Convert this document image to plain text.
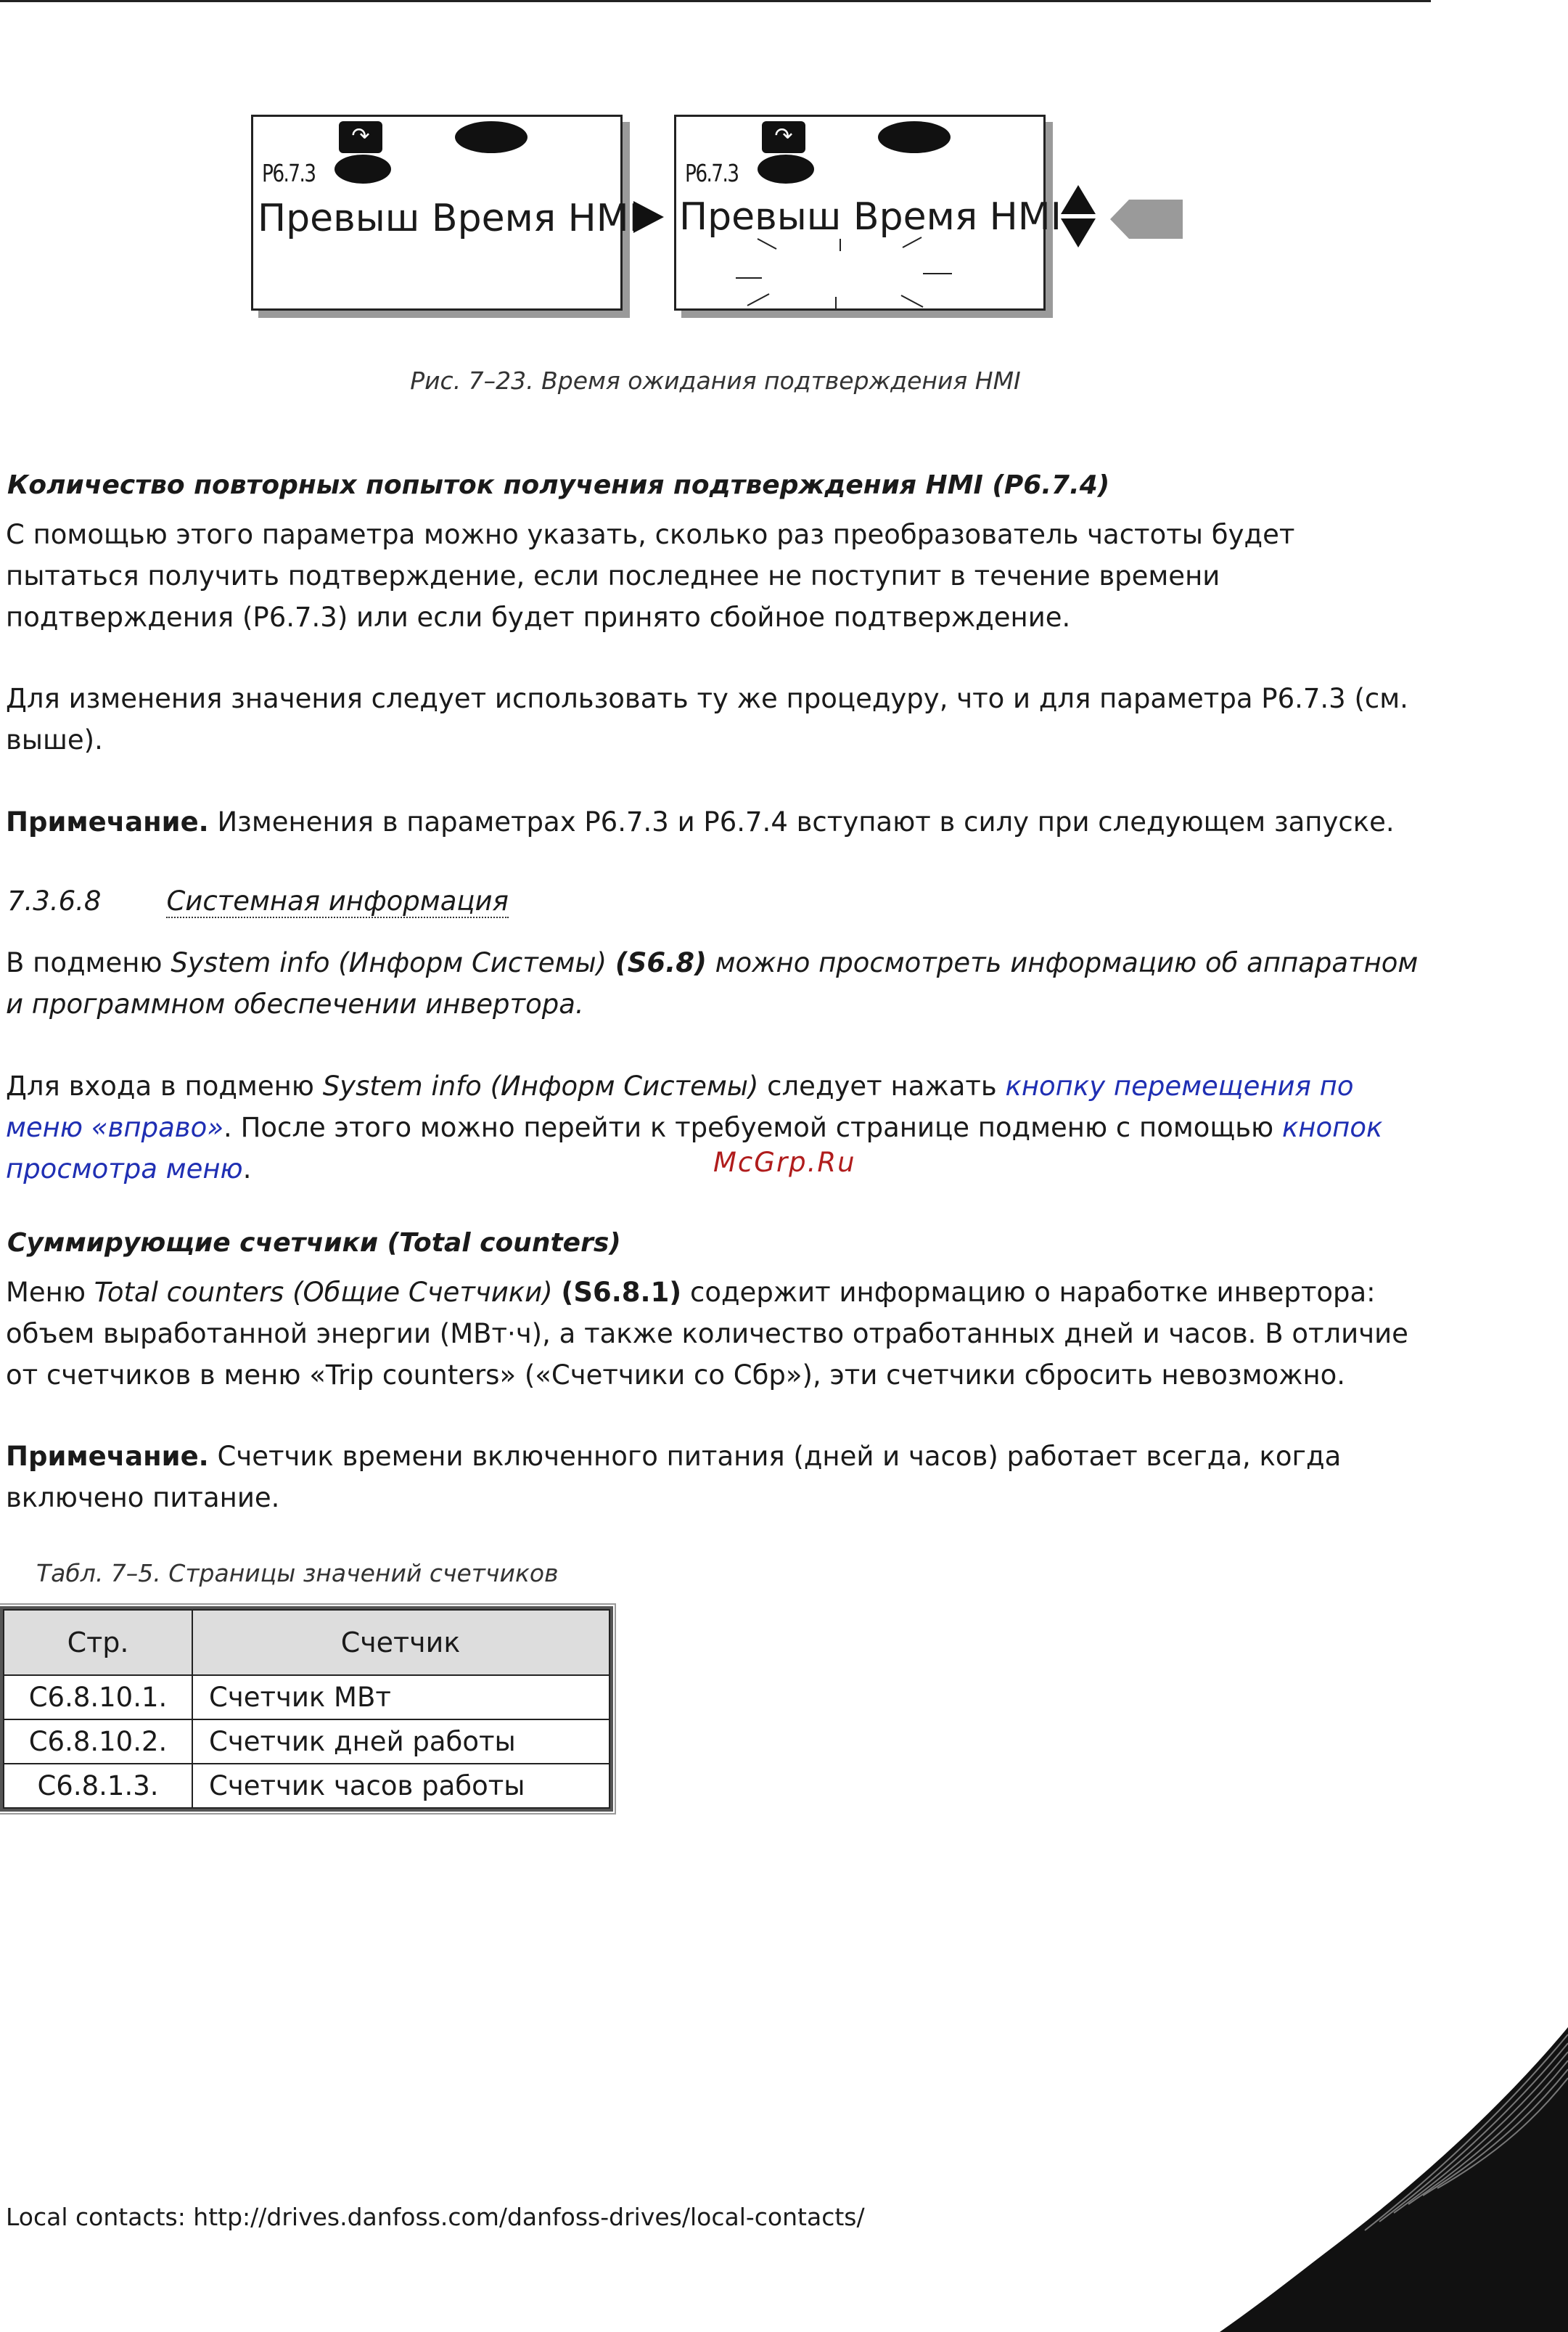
↷
P6.7.3
Превыш Время HMI
↷
P6.7.3
Превыш Время HMI
Рис. 7–23. Время ожидания подтверждения HMI
Количество повторных попыток получения подтверждения HMI (P6.7.4)
С помощью этого параметра можно указать, сколько раз преобразователь частоты будет пытаться получить подтверждение, если последнее не поступит в течение времени подтверждения (P6.7.3) или если будет принято сбойное подтверждение.
Для изменения значения следует использовать ту же процедуру, что и для параметра P6.7.3 (см. выше).
Примечание. Изменения в параметрах P6.7.3 и P6.7.4 вступают в силу при следующем запуске.
7.3.6.8 Системная информация
В подменю System info (Информ Системы) (S6.8) можно просмотреть информацию об аппаратном и программном обеспечении инвертора.
Для входа в подменю System info (Информ Системы) следует нажать кнопку перемещения по меню «вправо». После этого можно перейти к требуемой странице подменю с помощью кнопок просмотра меню.	McGrp.Ru
Суммирующие счетчики (Total counters)
Меню Total counters (Общие Счетчики) (S6.8.1) содержит информацию о наработке инвертора: объем выработанной энергии (МВт·ч), а также количество отработанных дней и часов. В отличие от счетчиков в меню «Trip counters» («Счетчики со Сбр»), эти счетчики сбросить невозможно.
Примечание. Счетчик времени включенного питания (дней и часов) работает всегда, когда включено питание.
Табл. 7–5. Страницы значений счетчиков
Стр.	Счетчик
C6.8.10.1.	Счетчик МВт
C6.8.10.2.	Счетчик дней работы
C6.8.1.3.	Счетчик часов работы
Local contacts: http://drives.danfoss.com/danfoss-drives/local-contacts/
